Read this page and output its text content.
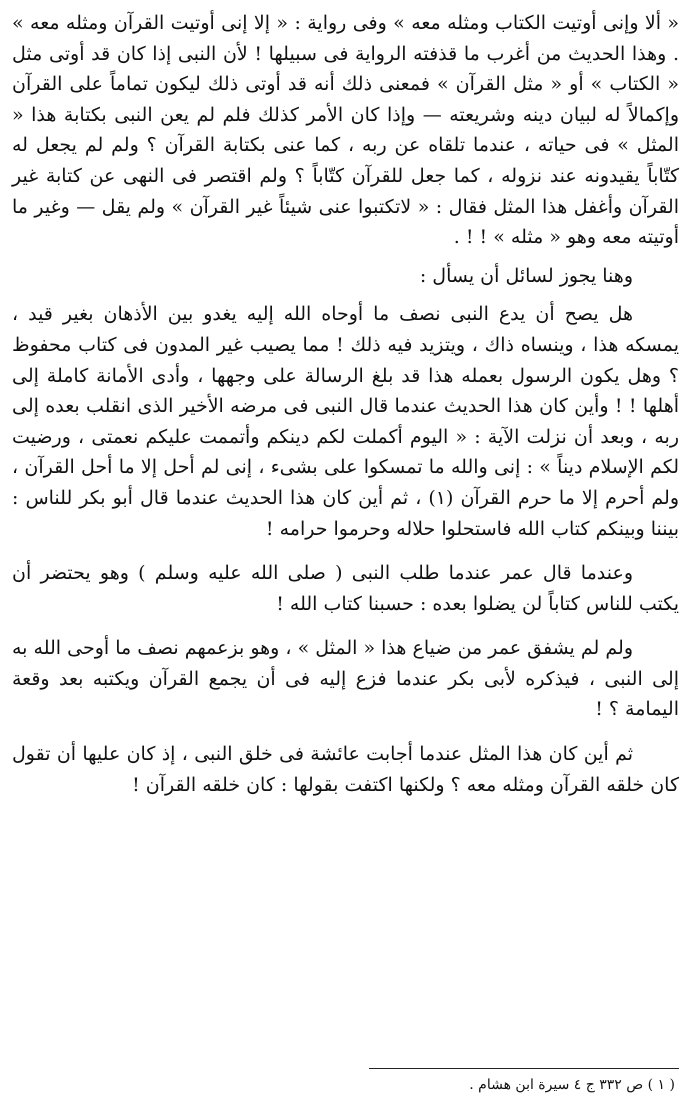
« ألا وإنى أوتيت الكتاب ومثله معه » وفى رواية : « إلا إنى أوتيت القرآن ومثله معه » . وهذا الحديث من أغرب ما قذفته الرواية فى سبيلها ! لأن النبى إذا كان قد أوتى مثل « الكتاب » أو « مثل القرآن » فمعنى ذلك أنه قد أوتى ذلك ليكون تماماً على القرآن وإكمالاً له لبيان دينه وشريعته — وإذا كان الأمر كذلك فلم لم يعن النبى بكتابة هذا « المثل » فى حياته ، عندما تلقاه عن ربه ، كما عنى بكتابة القرآن ؟ ولم لم يجعل له كتّاباً يقيدونه عند نزوله ، كما جعل للقرآن كتّاباً ؟ ولم اقتصر فى النهى عن كتابة غير القرآن وأغفل هذا المثل فقال : « لاتكتبوا عنى شيئاً غير القرآن » ولم يقل — وغير ما أوتيته معه وهو « مثله » ! ! .

وهنا يجوز لسائل أن يسأل :

هل يصح أن يدع النبى نصف ما أوحاه الله إليه يغدو بين الأذهان بغير قيد ، يمسكه هذا ، وينساه ذاك ، ويتزيد فيه ذلك ! مما يصيب غير المدون فى كتاب محفوظ ؟ وهل يكون الرسول بعمله هذا قد بلغ الرسالة على وجهها ، وأدى الأمانة كاملة إلى أهلها ! ! وأين كان هذا الحديث عندما قال النبى فى مرضه الأخير الذى انقلب بعده إلى ربه ، وبعد أن نزلت الآية : « اليوم أكملت لكم دينكم وأتممت عليكم نعمتى ، ورضيت لكم الإسلام ديناً » : إنى والله ما تمسكوا على بشىء ، إنى لم أحل إلا ما أحل القرآن ، ولم أحرم إلا ما حرم القرآن (١) ، ثم أين كان هذا الحديث عندما قال أبو بكر للناس : بيننا وبينكم كتاب الله فاستحلوا حلاله وحرموا حرامه !

وعندما قال عمر عندما طلب النبى ( صلى الله عليه وسلم ) وهو يحتضر أن يكتب للناس كتاباً لن يضلوا بعده : حسبنا كتاب الله !

ولم لم يشفق عمر من ضياع هذا « المثل » ، وهو بزعمهم نصف ما أوحى الله به إلى النبى ، فيذكره لأبى بكر عندما فزع إليه فى أن يجمع القرآن ويكتبه بعد وقعة اليمامة ؟ !

ثم أين كان هذا المثل عندما أجابت عائشة فى خلق النبى ، إذ كان عليها أن تقول كان خلقه القرآن ومثله معه ؟ ولكنها اكتفت بقولها : كان خلقه القرآن !

( ١ ) ص ٣٣٢ ج ٤ سيرة ابن هشام .
